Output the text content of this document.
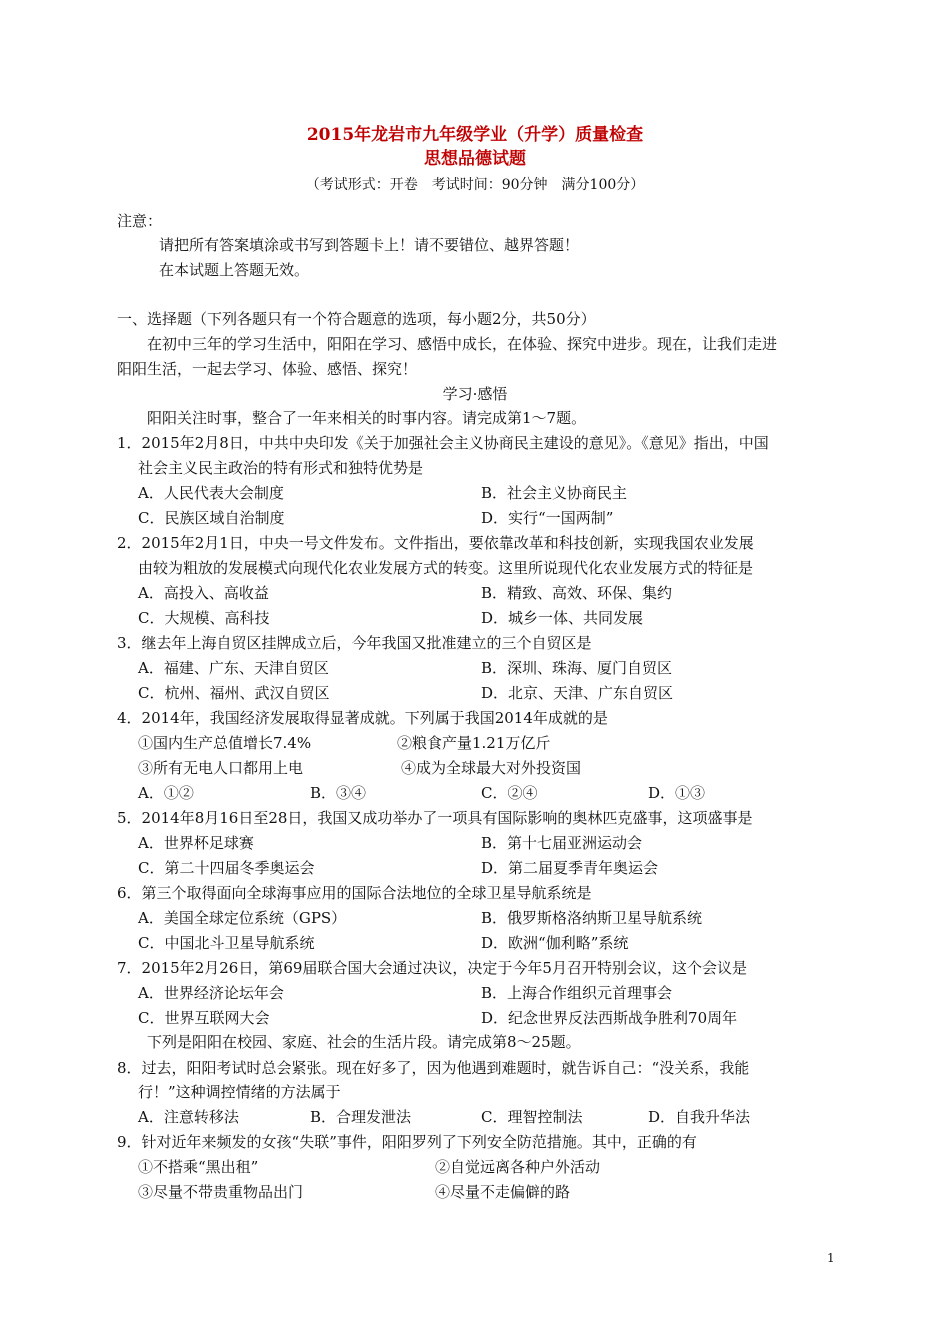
2015年龙岩市九年级学业（升学）质量检查
思想品德试题
（考试形式：开卷　考试时间：90分钟　满分100分）
注意：
请把所有答案填涂或书写到答题卡上！请不要错位、越界答题！
在本试题上答题无效。
一、选择题（下列各题只有一个符合题意的选项，每小题2分，共50分）
在初中三年的学习生活中，阳阳在学习、感悟中成长，在体验、探究中进步。现在，让我们走进
阳阳生活，一起去学习、体验、感悟、探究！
学习·感悟
阳阳关注时事，整合了一年来相关的时事内容。请完成第1～7题。
1．2015年2月8日，中共中央印发《关于加强社会主义协商民主建设的意见》。《意见》指出，中国
社会主义民主政治的特有形式和独特优势是
A．人民代表大会制度	B．社会主义协商民主
C．民族区域自治制度	D．实行“一国两制”
2．2015年2月1日，中央一号文件发布。文件指出，要依靠改革和科技创新，实现我国农业发展
由较为粗放的发展模式向现代化农业发展方式的转变。这里所说现代化农业发展方式的特征是
A．高投入、高收益	B．精致、高效、环保、集约
C．大规模、高科技	D．城乡一体、共同发展
3．继去年上海自贸区挂牌成立后，今年我国又批准建立的三个自贸区是
A．福建、广东、天津自贸区	B．深圳、珠海、厦门自贸区
C．杭州、福州、武汉自贸区	D．北京、天津、广东自贸区
4．2014年，我国经济发展取得显著成就。下列属于我国2014年成就的是
①国内生产总值增长7.4%	②粮食产量1.21万亿斤
③所有无电人口都用上电	④成为全球最大对外投资国
A．①②	B．③④	C．②④	D．①③
5．2014年8月16日至28日，我国又成功举办了一项具有国际影响的奥林匹克盛事，这项盛事是
A．世界杯足球赛	B．第十七届亚洲运动会
C．第二十四届冬季奥运会	D．第二届夏季青年奥运会
6．第三个取得面向全球海事应用的国际合法地位的全球卫星导航系统是
A．美国全球定位系统（GPS）	B．俄罗斯格洛纳斯卫星导航系统
C．中国北斗卫星导航系统	D．欧洲“伽利略”系统
7．2015年2月26日，第69届联合国大会通过决议，决定于今年5月召开特别会议，这个会议是
A．世界经济论坛年会	B．上海合作组织元首理事会
C．世界互联网大会	D．纪念世界反法西斯战争胜利70周年
下列是阳阳在校园、家庭、社会的生活片段。请完成第8～25题。
8．过去，阳阳考试时总会紧张。现在好多了，因为他遇到难题时，就告诉自己：“没关系，我能
行！”这种调控情绪的方法属于
A．注意转移法	B．合理发泄法	C．理智控制法	D．自我升华法
9．针对近年来频发的女孩“失联”事件，阳阳罗列了下列安全防范措施。其中，正确的有
①不搭乘“黑出租”	②自觉远离各种户外活动
③尽量不带贵重物品出门	④尽量不走偏僻的路
1
